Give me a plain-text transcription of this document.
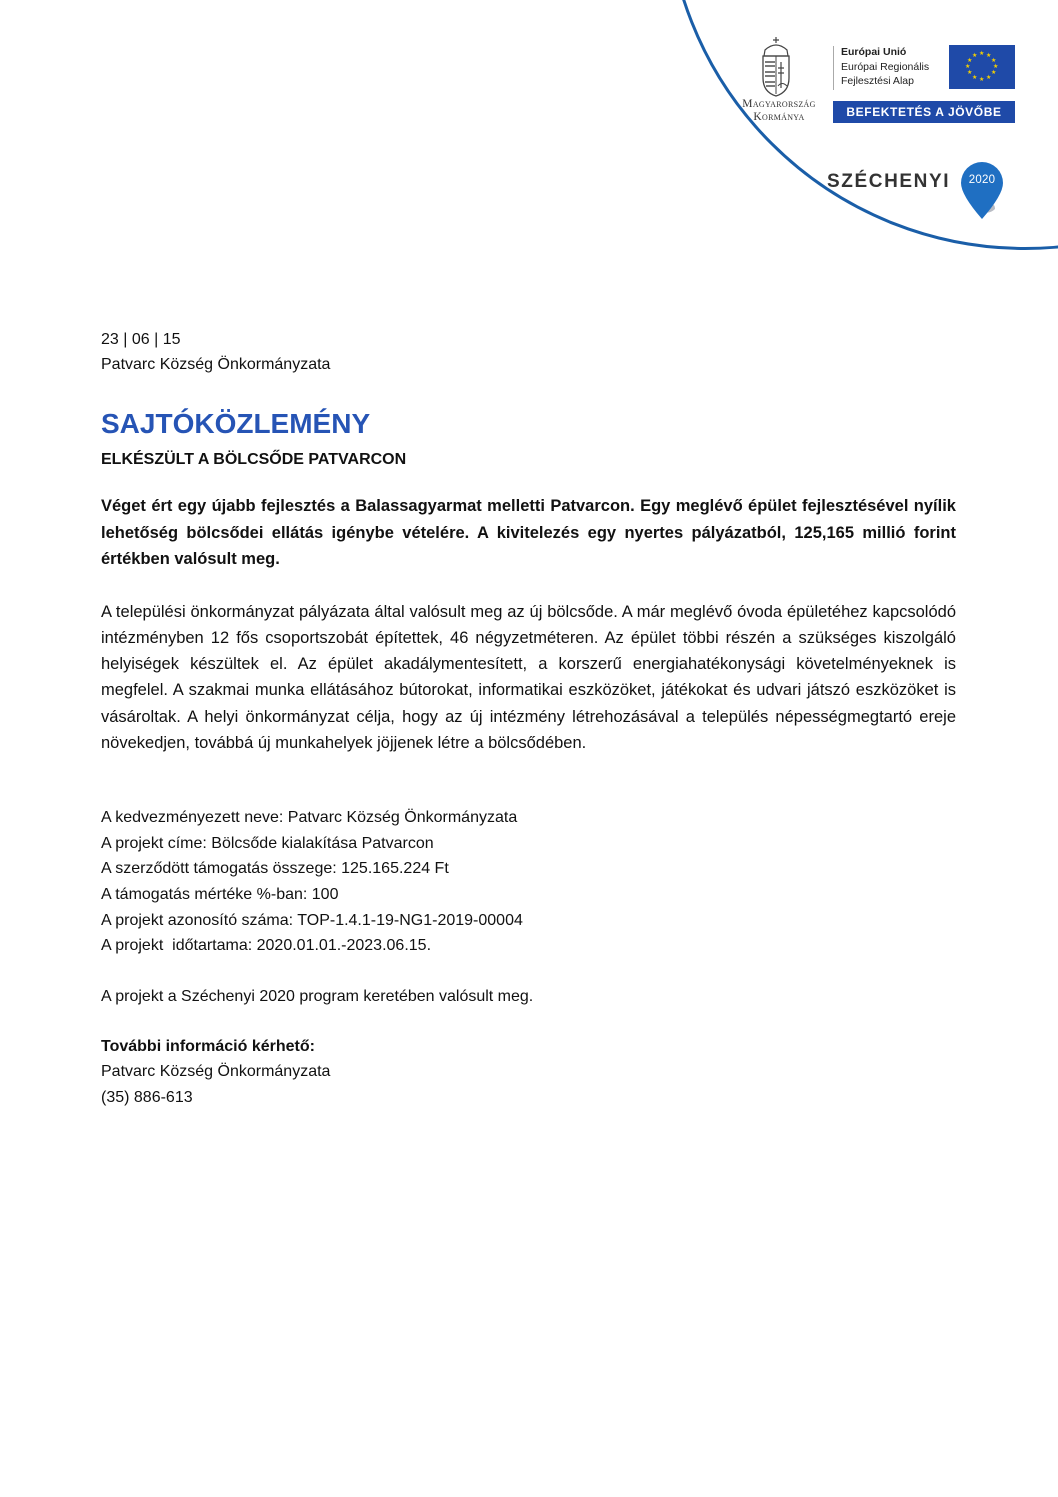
Magyarország
Kormánya
Európai Unió
Európai Regionális
Fejlesztési Alap
★ ★
★
★
★
★
★
★
★
★
★
★
BEFEKTETÉS A JÖVŐBE
SZÉCHENYI	2020
23 | 06 | 15
Patvarc Község Önkormányzata
SAJTÓKÖZLEMÉNY
ELKÉSZÜLT A BÖLCSŐDE PATVARCON

Véget ért egy újabb fejlesztés a Balassagyarmat melletti Patvarcon. Egy meglévő épület fejlesztésével nyílik lehetőség bölcsődei ellátás igénybe vételére. A kivitelezés egy nyertes pályázatból, 125,165 millió forint értékben valósult meg.

A települési önkormányzat pályázata által valósult meg az új bölcsőde. A már meglévő óvoda épületéhez kapcsolódó intézményben 12 fős csoportszobát építettek, 46 négyzetméteren. Az épület többi részén a szükséges kiszolgáló helyiségek készültek el. Az épület akadálymentesített, a korszerű energiahatékonysági követelményeknek is megfelel. A szakmai munka ellátásához bútorokat, informatikai eszközöket, játékokat és udvari játszó eszközöket is vásároltak. A helyi önkormányzat célja, hogy az új intézmény létrehozásával a település népességmegtartó ereje növekedjen, továbbá új munkahelyek jöjjenek létre a bölcsődében.

A kedvezményezett neve: Patvarc Község Önkormányzata
A projekt címe: Bölcsőde kialakítása Patvarcon
A szerződött támogatás összege: 125.165.224 Ft
A támogatás mértéke %-ban: 100
A projekt azonosító száma: TOP-1.4.1-19-NG1-2019-00004
A projekt  időtartama: 2020.01.01.-2023.06.15.
A projekt a Széchenyi 2020 program keretében valósult meg.
További információ kérhető:
Patvarc Község Önkormányzata
(35) 886-613
